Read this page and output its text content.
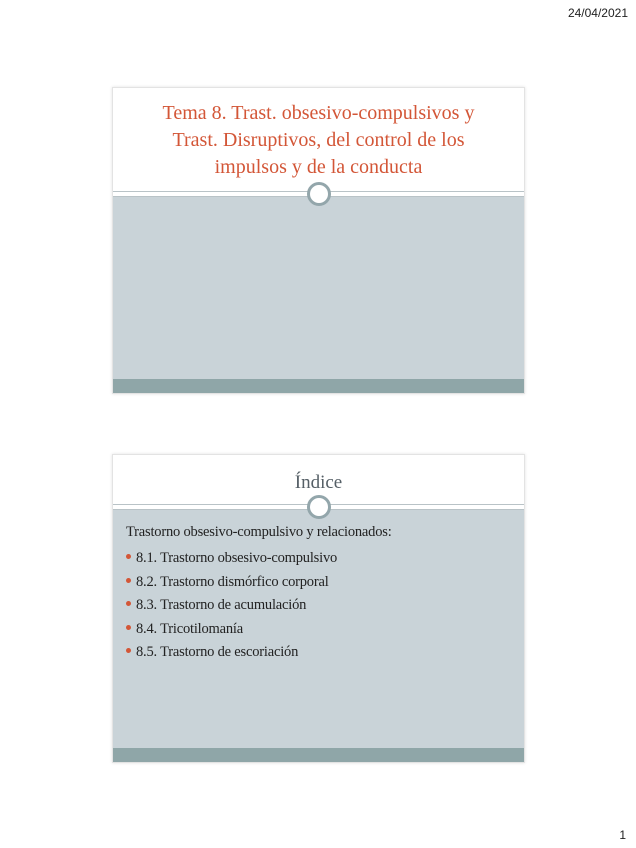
24/04/2021
Tema 8. Trast. obsesivo-compulsivos y
Trast. Disruptivos, del control de los
impulsos y de la conducta
Índice
Trastorno obsesivo-compulsivo y relacionados:
8.1. Trastorno obsesivo-compulsivo
8.2. Trastorno dismórfico corporal
8.3. Trastorno de acumulación
8.4. Tricotilomanía
8.5. Trastorno de escoriación
1
